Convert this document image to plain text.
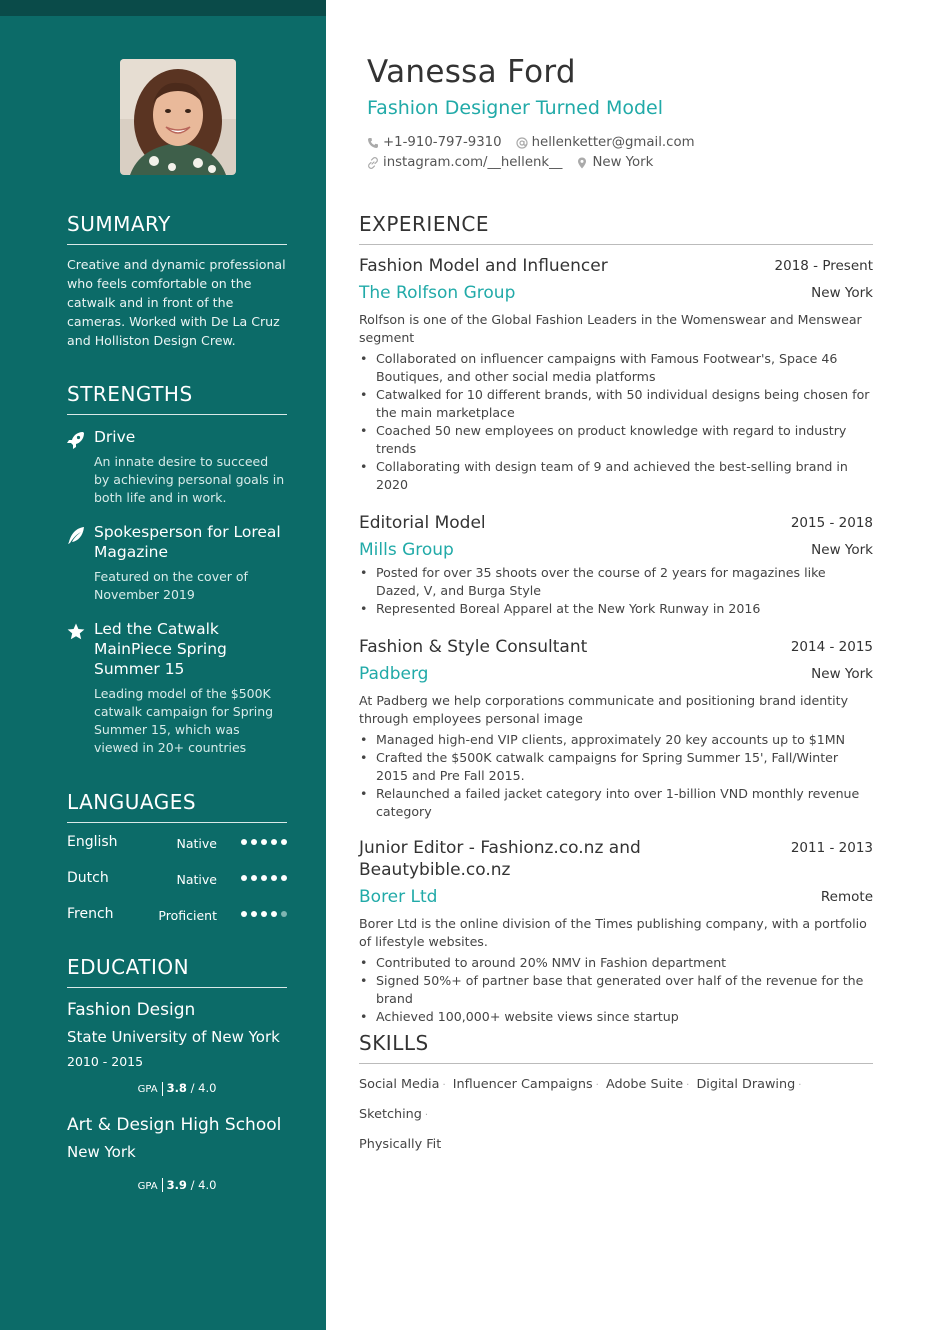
SUMMARY

Creative and dynamic professional who feels comfortable on the catwalk and in front of the cameras. Worked with De La Cruz and Holliston Design Crew.

STRENGTHS
Drive
An innate desire to succeed by achieving personal goals in both life and in work.
Spokesperson for Loreal Magazine
Featured on the cover of November 2019
Led the Catwalk MainPiece Spring Summer 15
Leading model of the $500K catwalk campaign for Spring Summer 15, which was viewed in 20+ countries
LANGUAGES
English	Native
Dutch	Native
French	Proficient
EDUCATION
Fashion Design
State University of New York
2010 - 2015
GPA 3.8 / 4.0
Art & Design High School
New York
GPA 3.9 / 4.0
Vanessa Ford
Fashion Designer Turned Model
+1-910-797-9310 hellenketter@gmail.com
instagram.com/__hellenk__ New York
EXPERIENCE
Fashion Model and Influencer	2018 - Present
The Rolfson Group	New York
Rolfson is one of the Global Fashion Leaders in the Womenswear and Menswear segment
• Collaborated on influencer campaigns with Famous Footwear's, Space 46 Boutiques, and other social media platforms
• Catwalked for 10 different brands, with 50 individual designs being chosen for the main marketplace
• Coached 50 new employees on product knowledge with regard to industry trends
• Collaborating with design team of 9 and achieved the best-selling brand in 2020
Editorial Model	2015 - 2018
Mills Group	New York
• Posted for over 35 shoots over the course of 2 years for magazines like Dazed, V, and Burga Style
• Represented Boreal Apparel at the New York Runway in 2016
Fashion & Style Consultant	2014 - 2015
Padberg	New York
At Padberg we help corporations communicate and positioning brand identity through employees personal image
• Managed high-end VIP clients, approximately 20 key accounts up to $1MN
• Crafted the $500K catwalk campaigns for Spring Summer 15', Fall/Winter 2015 and Pre Fall 2015.
• Relaunched a failed jacket category into over 1-billion VND monthly revenue category
Junior Editor - Fashionz.co.nz and Beautybible.co.nz
2011 - 2013
Borer Ltd	Remote
Borer Ltd is the online division of the Times publishing company, with a portfolio of lifestyle websites.
• Contributed to around 20% NMV in Fashion department
• Signed 50%+ of partner base that generated over half of the revenue for the brand
• Achieved 100,000+ website views since startup
SKILLS
Social Media · Influencer Campaigns · Adobe Suite · Digital Drawing · Sketching ·
Physically Fit
